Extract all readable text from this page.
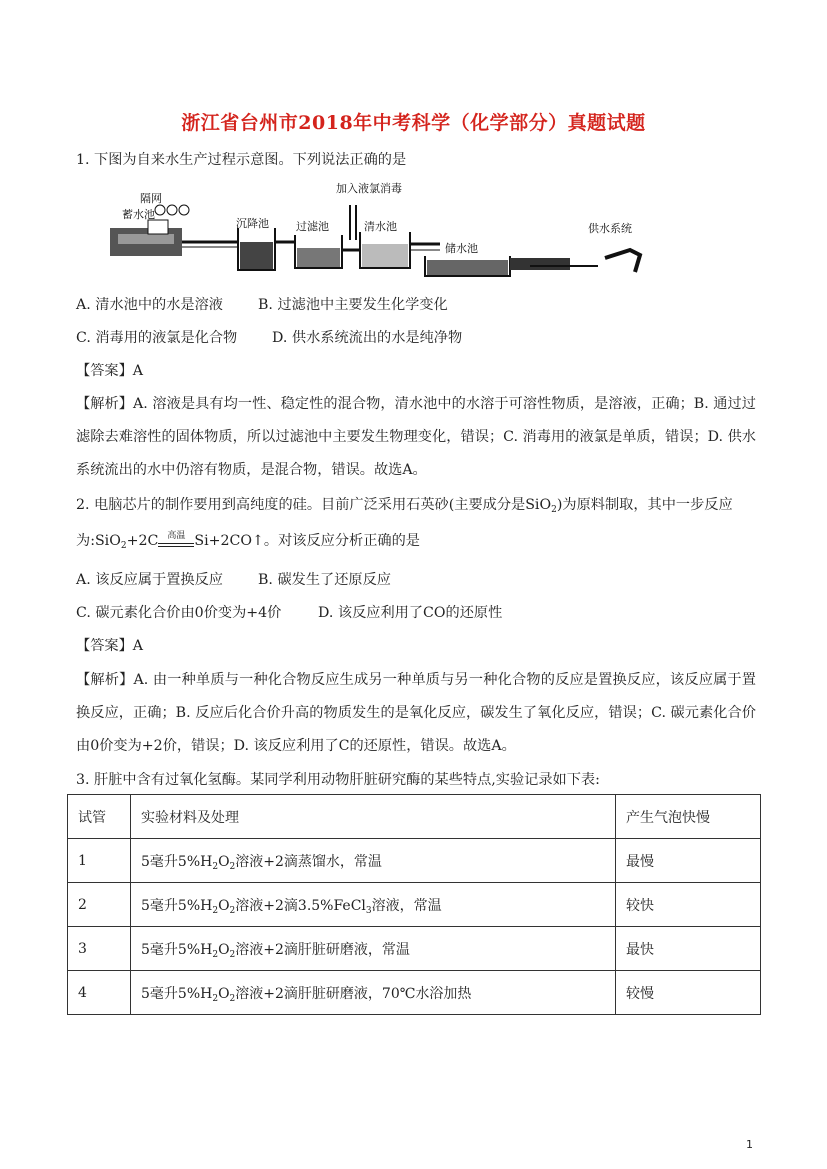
浙江省台州市2018年中考科学（化学部分）真题试题
1. 下图为自来水生产过程示意图。下列说法正确的是
蓄水池
隔网
沉降池 过滤池
加入液氯消毒
清水池
储水池
供水系统
A. 清水池中的水是溶液 B. 过滤池中主要发生化学变化
C. 消毒用的液氯是化合物 D. 供水系统流出的水是纯净物
【答案】A
【解析】A. 溶液是具有均一性、稳定性的混合物，清水池中的水溶于可溶性物质，是溶液，正确；B. 通过过滤除去难溶性的固体物质，所以过滤池中主要发生物理变化，错误；C. 消毒用的液氯是单质，错误；D. 供水系统流出的水中仍溶有物质，是混合物，错误。故选A。
2. 电脑芯片的制作要用到高纯度的硅。目前广泛采用石英砂(主要成分是SiO$_2$)为原料制取，其中一步反应
为:SiO$_2$+2C 高温 Si+2CO↑。对该反应分析正确的是
A. 该反应属于置换反应 B. 碳发生了还原反应
C. 碳元素化合价由0价变为+4价	D. 该反应利用了CO的还原性
【答案】A
【解析】A. 由一种单质与一种化合物反应生成另一种单质与另一种化合物的反应是置换反应，该反应属于置换反应，正确；B. 反应后化合价升高的物质发生的是氧化反应，碳发生了氧化反应，错误；C. 碳元素化合价由0价变为+2价，错误；D. 该反应利用了C的还原性，错误。故选A。
3. 肝脏中含有过氧化氢酶。某同学利用动物肝脏研究酶的某些特点,实验记录如下表:
试管	实验材料及处理	产生气泡快慢
1	5毫升$5\%H_2O_2$溶液+2滴蒸馏水，常温	最慢
2	5毫升$5\%H_2O_2$溶液+2滴3.5%FeCl$_3$溶液，常温	较快
3	5毫升$5\%H_2O_2$溶液+2滴肝脏研磨液，常温	最快
4	5毫升$5\%H_2O_2$溶液+2滴肝脏研磨液，70℃水浴加热	较慢
1
